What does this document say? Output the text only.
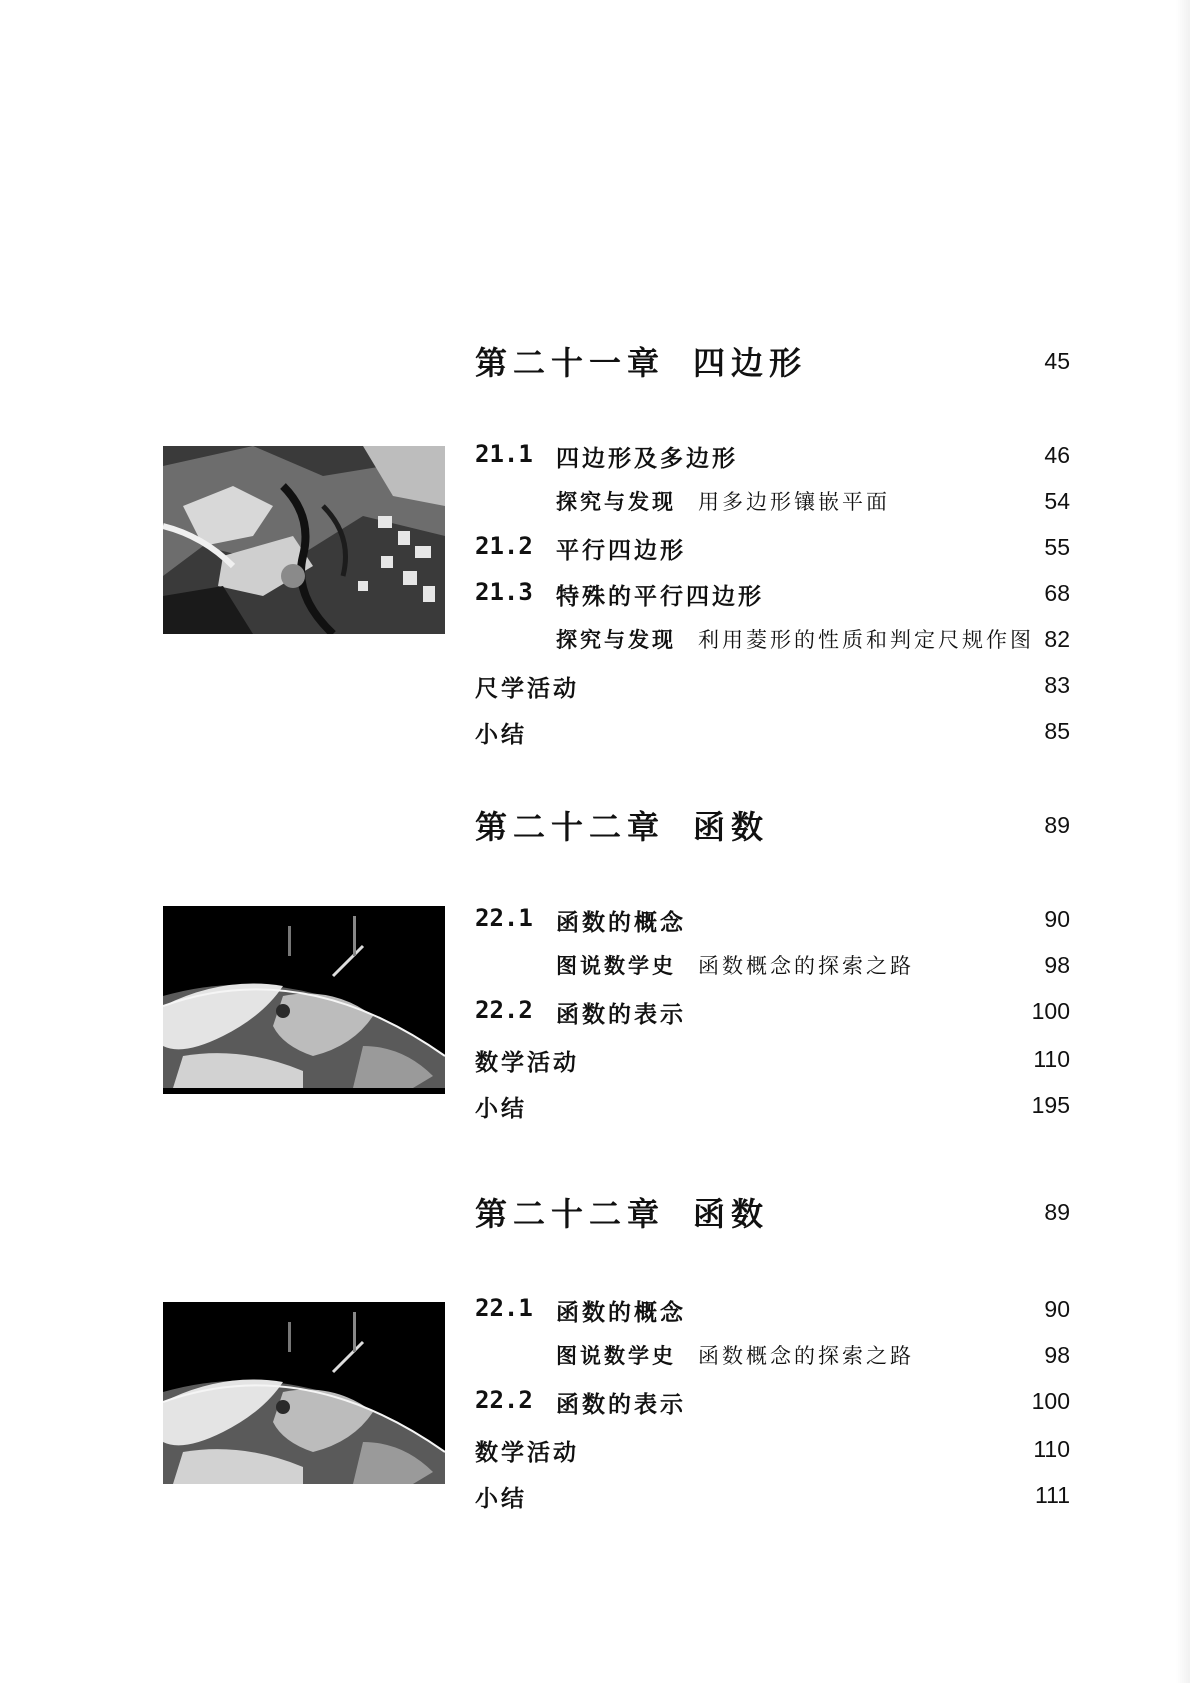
第二十一章 四边形	45
21.1 四边形及多边形	46
探究与发现 用多边形镶嵌平面	54
21.2 平行四边形	55
21.3 特殊的平行四边形	68
探究与发现 利用菱形的性质和判定尺规作图 82
尺学活动	83
小结	85
第二十二章 函数	89
22.1 函数的概念	90
图说数学史 函数概念的探索之路	98
22.2 函数的表示	100
数学活动	110
小结	195
第二十二章 函数	89
22.1 函数的概念	90
图说数学史 函数概念的探索之路	98
22.2 函数的表示	100
数学活动	110
小结	111
